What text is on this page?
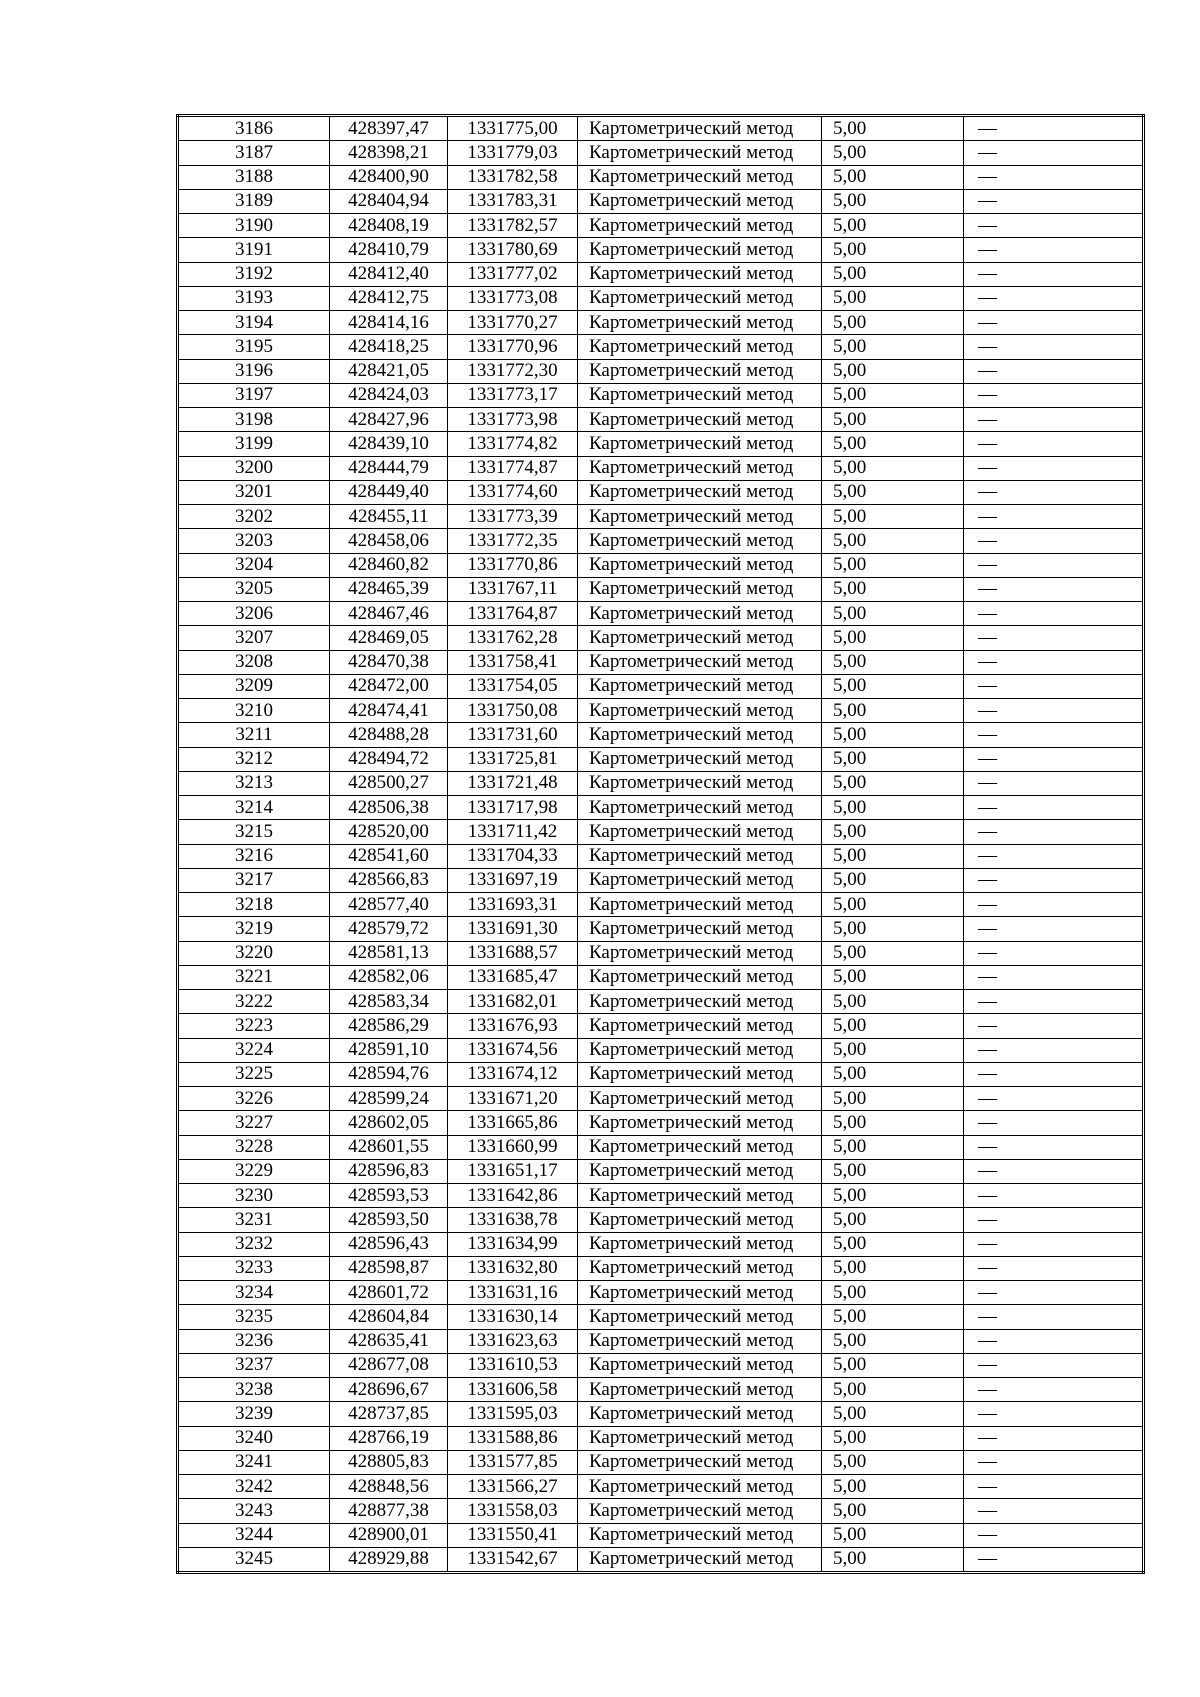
3186	428397,47	1331775,00	Картометрический метод	5,00	—
3187	428398,21	1331779,03	Картометрический метод	5,00	—
3188	428400,90	1331782,58	Картометрический метод	5,00	—
3189	428404,94	1331783,31	Картометрический метод	5,00	—
3190	428408,19	1331782,57	Картометрический метод	5,00	—
3191	428410,79	1331780,69	Картометрический метод	5,00	—
3192	428412,40	1331777,02	Картометрический метод	5,00	—
3193	428412,75	1331773,08	Картометрический метод	5,00	—
3194	428414,16	1331770,27	Картометрический метод	5,00	—
3195	428418,25	1331770,96	Картометрический метод	5,00	—
3196	428421,05	1331772,30	Картометрический метод	5,00	—
3197	428424,03	1331773,17	Картометрический метод	5,00	—
3198	428427,96	1331773,98	Картометрический метод	5,00	—
3199	428439,10	1331774,82	Картометрический метод	5,00	—
3200	428444,79	1331774,87	Картометрический метод	5,00	—
3201	428449,40	1331774,60	Картометрический метод	5,00	—
3202	428455,11	1331773,39	Картометрический метод	5,00	—
3203	428458,06	1331772,35	Картометрический метод	5,00	—
3204	428460,82	1331770,86	Картометрический метод	5,00	—
3205	428465,39	1331767,11	Картометрический метод	5,00	—
3206	428467,46	1331764,87	Картометрический метод	5,00	—
3207	428469,05	1331762,28	Картометрический метод	5,00	—
3208	428470,38	1331758,41	Картометрический метод	5,00	—
3209	428472,00	1331754,05	Картометрический метод	5,00	—
3210	428474,41	1331750,08	Картометрический метод	5,00	—
3211	428488,28	1331731,60	Картометрический метод	5,00	—
3212	428494,72	1331725,81	Картометрический метод	5,00	—
3213	428500,27	1331721,48	Картометрический метод	5,00	—
3214	428506,38	1331717,98	Картометрический метод	5,00	—
3215	428520,00	1331711,42	Картометрический метод	5,00	—
3216	428541,60	1331704,33	Картометрический метод	5,00	—
3217	428566,83	1331697,19	Картометрический метод	5,00	—
3218	428577,40	1331693,31	Картометрический метод	5,00	—
3219	428579,72	1331691,30	Картометрический метод	5,00	—
3220	428581,13	1331688,57	Картометрический метод	5,00	—
3221	428582,06	1331685,47	Картометрический метод	5,00	—
3222	428583,34	1331682,01	Картометрический метод	5,00	—
3223	428586,29	1331676,93	Картометрический метод	5,00	—
3224	428591,10	1331674,56	Картометрический метод	5,00	—
3225	428594,76	1331674,12	Картометрический метод	5,00	—
3226	428599,24	1331671,20	Картометрический метод	5,00	—
3227	428602,05	1331665,86	Картометрический метод	5,00	—
3228	428601,55	1331660,99	Картометрический метод	5,00	—
3229	428596,83	1331651,17	Картометрический метод	5,00	—
3230	428593,53	1331642,86	Картометрический метод	5,00	—
3231	428593,50	1331638,78	Картометрический метод	5,00	—
3232	428596,43	1331634,99	Картометрический метод	5,00	—
3233	428598,87	1331632,80	Картометрический метод	5,00	—
3234	428601,72	1331631,16	Картометрический метод	5,00	—
3235	428604,84	1331630,14	Картометрический метод	5,00	—
3236	428635,41	1331623,63	Картометрический метод	5,00	—
3237	428677,08	1331610,53	Картометрический метод	5,00	—
3238	428696,67	1331606,58	Картометрический метод	5,00	—
3239	428737,85	1331595,03	Картометрический метод	5,00	—
3240	428766,19	1331588,86	Картометрический метод	5,00	—
3241	428805,83	1331577,85	Картометрический метод	5,00	—
3242	428848,56	1331566,27	Картометрический метод	5,00	—
3243	428877,38	1331558,03	Картометрический метод	5,00	—
3244	428900,01	1331550,41	Картометрический метод	5,00	—
3245	428929,88	1331542,67	Картометрический метод	5,00	—
